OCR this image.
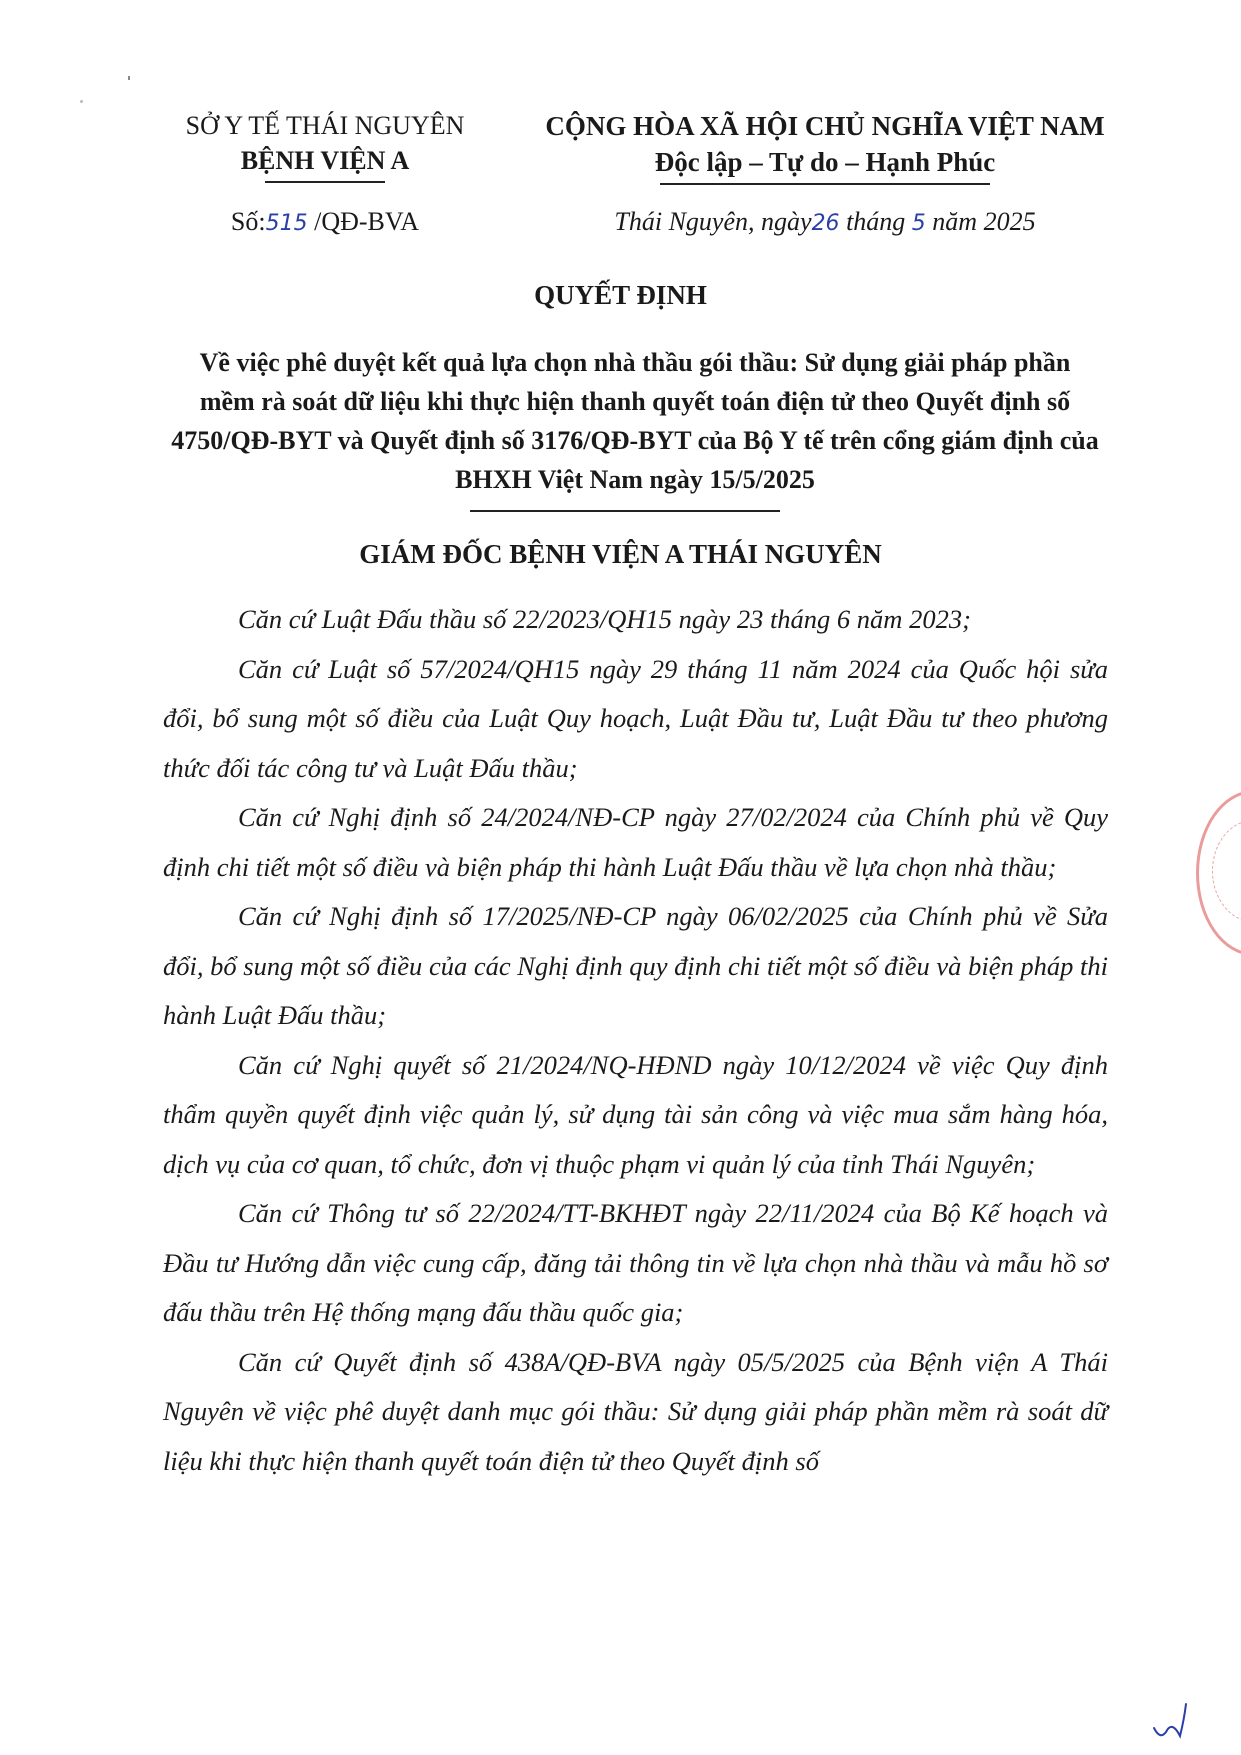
SỞ Y TẾ THÁI NGUYÊN
BỆNH VIỆN A
Số:515 /QĐ-BVA
CỘNG HÒA XÃ HỘI CHỦ NGHĨA VIỆT NAM
Độc lập – Tự do – Hạnh Phúc
Thái Nguyên, ngày26 tháng 5 năm 2025
QUYẾT ĐỊNH
Về việc phê duyệt kết quả lựa chọn nhà thầu gói thầu: Sử dụng giải pháp phần mềm rà soát dữ liệu khi thực hiện thanh quyết toán điện tử theo Quyết định số 4750/QĐ-BYT và Quyết định số 3176/QĐ-BYT của Bộ Y tế trên cổng giám định của BHXH Việt Nam ngày 15/5/2025
GIÁM ĐỐC BỆNH VIỆN A THÁI NGUYÊN

Căn cứ Luật Đấu thầu số 22/2023/QH15 ngày 23 tháng 6 năm 2023;

Căn cứ Luật số 57/2024/QH15 ngày 29 tháng 11 năm 2024 của Quốc hội sửa đổi, bổ sung một số điều của Luật Quy hoạch, Luật Đầu tư, Luật Đầu tư theo phương thức đối tác công tư và Luật Đấu thầu;

Căn cứ Nghị định số 24/2024/NĐ-CP ngày 27/02/2024 của Chính phủ về Quy định chi tiết một số điều và biện pháp thi hành Luật Đấu thầu về lựa chọn nhà thầu;

Căn cứ Nghị định số 17/2025/NĐ-CP ngày 06/02/2025 của Chính phủ về Sửa đổi, bổ sung một số điều của các Nghị định quy định chi tiết một số điều và biện pháp thi hành Luật Đấu thầu;

Căn cứ Nghị quyết số 21/2024/NQ-HĐND ngày 10/12/2024 về việc Quy định thẩm quyền quyết định việc quản lý, sử dụng tài sản công và việc mua sắm hàng hóa, dịch vụ của cơ quan, tổ chức, đơn vị thuộc phạm vi quản lý của tỉnh Thái Nguyên;

Căn cứ Thông tư số 22/2024/TT-BKHĐT ngày 22/11/2024 của Bộ Kế hoạch và Đầu tư Hướng dẫn việc cung cấp, đăng tải thông tin về lựa chọn nhà thầu và mẫu hồ sơ đấu thầu trên Hệ thống mạng đấu thầu quốc gia;

Căn cứ Quyết định số 438A/QĐ-BVA ngày 05/5/2025 của Bệnh viện A Thái Nguyên về việc phê duyệt danh mục gói thầu: Sử dụng giải pháp phần mềm rà soát dữ liệu khi thực hiện thanh quyết toán điện tử theo Quyết định số
